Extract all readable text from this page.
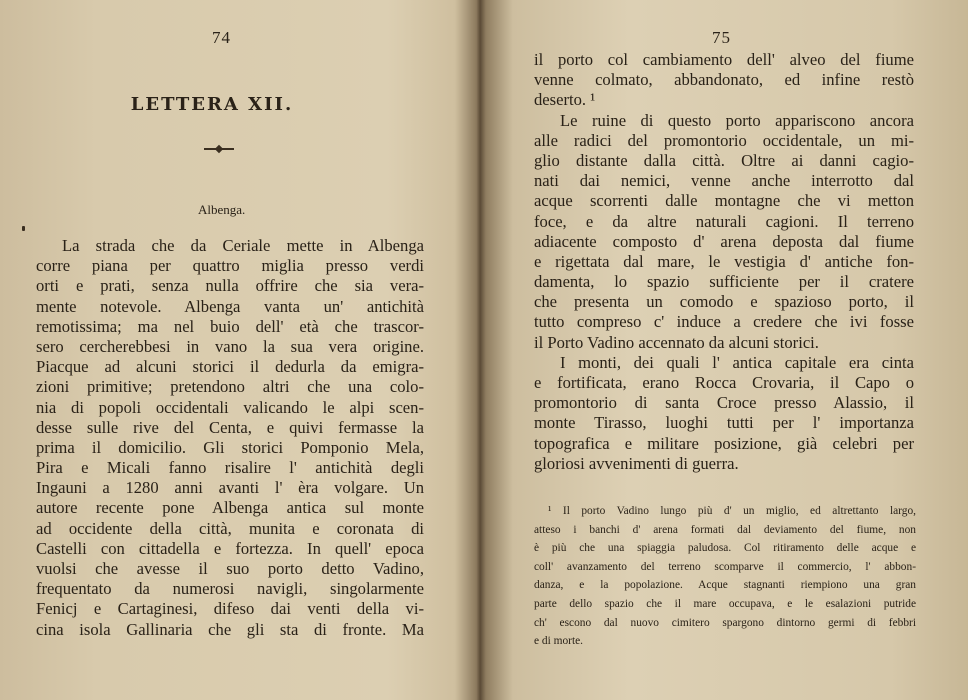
74
LETTERA XII.
Albenga.
La strada che da Ceriale mette in Albenga
corre piana per quattro miglia presso verdi
orti e prati, senza nulla offrire che sia vera-
mente notevole. Albenga vanta un' antichità
remotissima; ma nel buio dell' età che trascor-
sero cercherebbesi in vano la sua vera origine.
Piacque ad alcuni storici il dedurla da emigra-
zioni primitive; pretendono altri che una colo-
nia di popoli occidentali valicando le alpi scen-
desse sulle rive del Centa, e quivi fermasse la
prima il domicilio. Gli storici Pomponio Mela,
Pira e Micali fanno risalire l' antichità degli
Ingauni a 1280 anni avanti l' èra volgare. Un
autore recente pone Albenga antica sul monte
ad occidente della città, munita e coronata di
Castelli con cittadella e fortezza. In quell' epoca
vuolsi che avesse il suo porto detto Vadino,
frequentato da numerosi navigli, singolarmente
Fenicj e Cartaginesi, difeso dai venti della vi-
cina isola Gallinaria che gli sta di fronte. Ma
75
il porto col cambiamento dell' alveo del fiume
venne colmato, abbandonato, ed infine restò
deserto. ¹
Le ruine di questo porto appariscono ancora
alle radici del promontorio occidentale, un mi-
glio distante dalla città. Oltre ai danni cagio-
nati dai nemici, venne anche interrotto dal
acque scorrenti dalle montagne che vi metton
foce, e da altre naturali cagioni. Il terreno
adiacente composto d' arena deposta dal fiume
e rigettata dal mare, le vestigia d' antiche fon-
damenta, lo spazio sufficiente per il cratere
che presenta un comodo e spazioso porto, il
tutto compreso c' induce a credere che ivi fosse
il Porto Vadino accennato da alcuni storici.
I monti, dei quali l' antica capitale era cinta
e fortificata, erano Rocca Crovaria, il Capo o
promontorio di santa Croce presso Alassio, il
monte Tirasso, luoghi tutti per l' importanza
topografica e militare posizione, già celebri per
gloriosi avvenimenti di guerra.
¹ Il porto Vadino lungo più d' un miglio, ed altrettanto largo,
atteso i banchi d' arena formati dal deviamento del fiume, non
è più che una spiaggia paludosa. Col ritiramento delle acque e
coll' avanzamento del terreno scomparve il commercio, l' abbon-
danza, e la popolazione. Acque stagnanti riempiono una gran
parte dello spazio che il mare occupava, e le esalazioni putride
ch' escono dal nuovo cimitero spargono dintorno germi di febbri
e di morte.
